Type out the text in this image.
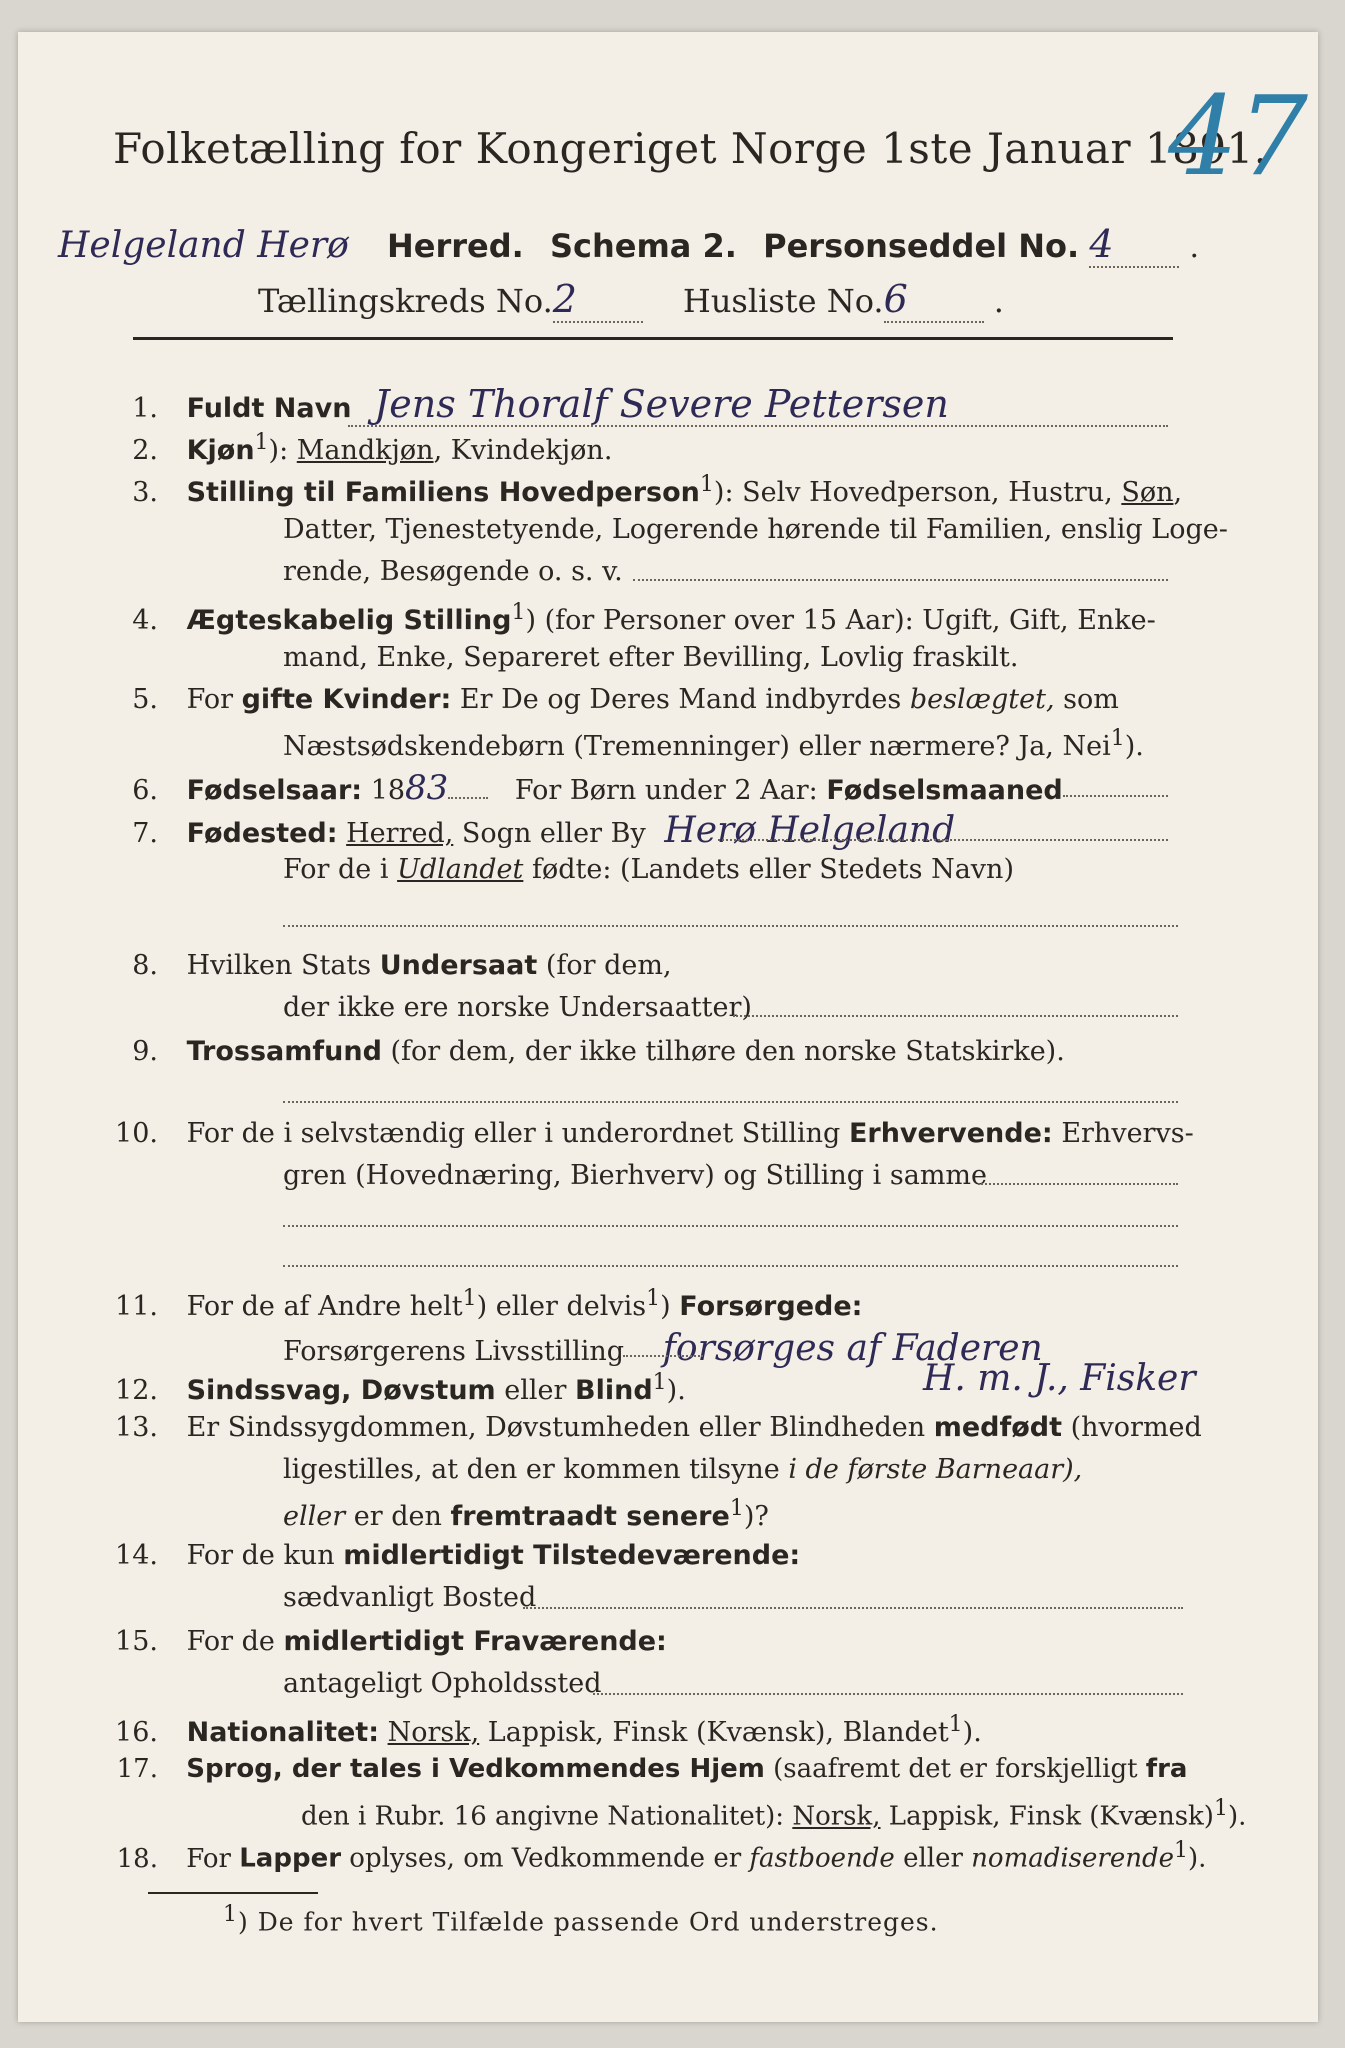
Folketælling for Kongeriget Norge 1ste Januar 1891.
47
Helgeland Herø Herred. Schema 2. Personseddel No. 4	.
Tællingskreds No.2	Husliste No.6	.
1. Fuldt Navn Jens Thoralf Severe Pettersen
2. Kjøn$^1$): Mandkjøn, Kvindekjøn.
3. Stilling til Familiens Hovedperson$^1$): Selv Hovedperson, Hustru, Søn,
Datter, Tjenestetyende, Logerende hørende til Familien, enslig Loge-
rende, Besøgende o. s. v.
4. Ægteskabelig Stilling$^1$) (for Personer over 15 Aar): Ugift, Gift, Enke-
mand, Enke, Separeret efter Bevilling, Lovlig fraskilt.
5. For gifte Kvinder: Er De og Deres Mand indbyrdes beslægtet, som
Næstsødskendebørn (Tremenninger) eller nærmere? Ja, Nei$^1$).
6. Fødselsaar: 1883 For Børn under 2 Aar: Fødselsmaaned
7. Fødested: Herred, Sogn eller By Herø Helgeland
For de i Udlandet fødte: (Landets eller Stedets Navn)
8. Hvilken Stats Undersaat (for dem,
der ikke ere norske Undersaatter)
9. Trossamfund (for dem, der ikke tilhøre den norske Statskirke).
10. For de i selvstændig eller i underordnet Stilling Erhvervende: Erhvervs-
gren (Hovednæring, Bierhverv) og Stilling i samme
11. For de af Andre helt$^1$) eller delvis$^1$) Forsørgede:
Forsørgerens Livsstilling forsørges af Faderen
12. Sindssvag, Døvstum eller Blind$^1$).	H. m. J., Fisker
13. Er Sindssygdommen, Døvstumheden eller Blindheden medfødt (hvormed
ligestilles, at den er kommen tilsyne i de første Barneaar),
eller er den fremtraadt senere$^1$)?
14. For de kun midlertidigt Tilstedeværende:
sædvanligt Bosted
15. For de midlertidigt Fraværende:
antageligt Opholdssted
16. Nationalitet: Norsk, Lappisk, Finsk (Kvænsk), Blandet$^1$).
17. Sprog, der tales i Vedkommendes Hjem (saafremt det er forskjelligt fra
den i Rubr. 16 angivne Nationalitet): Norsk, Lappisk, Finsk (Kvænsk)$^1$).
18. For Lapper oplyses, om Vedkommende er fastboende eller nomadiserende$^1$).
$^1$) De for hvert Tilfælde passende Ord understreges.
